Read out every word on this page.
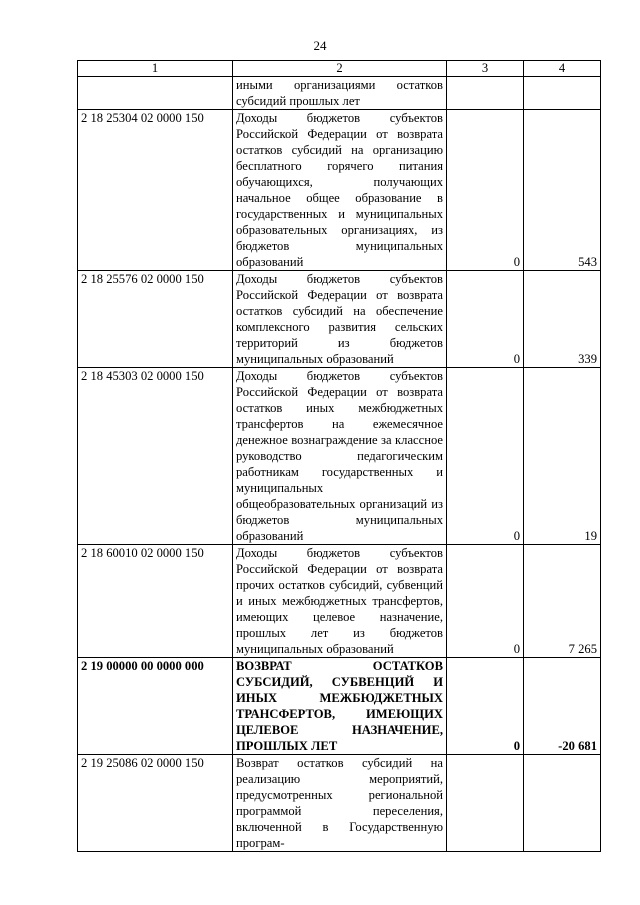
24
1	2	3	4
	иными организациями остатков субсидий прошлых лет		
2 18 25304 02 0000 150	Доходы бюджетов субъектов Российской Федерации от возврата остатков субсидий на организацию бесплатного горячего питания обучающихся, получающих начальное общее образование в государственных и муниципальных образовательных организациях, из бюджетов муниципальных образований	0	543
2 18 25576 02 0000 150	Доходы бюджетов субъектов Российской Федерации от возврата остатков субсидий на обеспечение комплексного развития сельских территорий из бюджетов муниципальных образований	0	339
2 18 45303 02 0000 150	Доходы бюджетов субъектов Российской Федерации от возврата остатков иных межбюджетных трансфертов на ежемесячное денежное вознаграждение за классное руководство педагогическим работникам государственных и муниципальных общеобразовательных организаций из бюджетов муниципальных образований	0	19
2 18 60010 02 0000 150	Доходы бюджетов субъектов Российской Федерации от возврата прочих остатков субсидий, субвенций и иных межбюджетных трансфертов, имеющих целевое назначение, прошлых лет из бюджетов муниципальных образований	0	7 265
2 19 00000 00 0000 000	ВОЗВРАТ ОСТАТКОВ СУБСИДИЙ, СУБВЕНЦИЙ И ИНЫХ МЕЖБЮДЖЕТНЫХ ТРАНСФЕРТОВ, ИМЕЮЩИХ ЦЕЛЕВОЕ НАЗНАЧЕНИЕ, ПРОШЛЫХ ЛЕТ	0	-20 681
2 19 25086 02 0000 150	Возврат остатков субсидий на реализацию мероприятий, предусмотренных региональной программой переселения, включенной в Государственную програм-		
